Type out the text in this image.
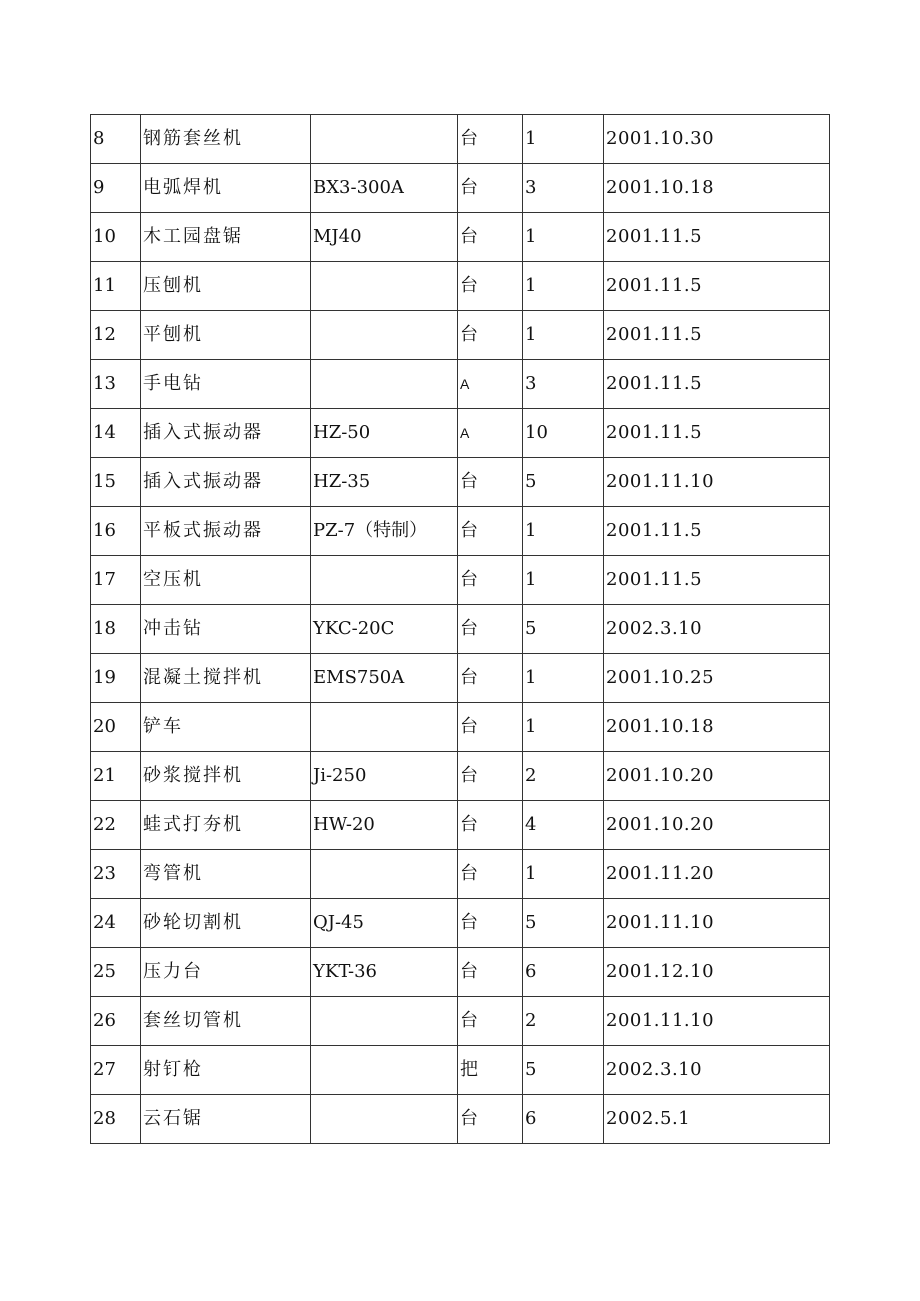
8	钢筋套丝机		台	1	2001.10.30
9	电弧焊机	BX3-300A	台	3	2001.10.18
10	木工园盘锯	MJ40	台	1	2001.11.5
11	压刨机		台	1	2001.11.5
12	平刨机		台	1	2001.11.5
13	手电钻		A	3	2001.11.5
14	插入式振动器	HZ-50	A	10	2001.11.5
15	插入式振动器	HZ-35	台	5	2001.11.10
16	平板式振动器	PZ-7（特制）	台	1	2001.11.5
17	空压机		台	1	2001.11.5
18	冲击钻	YKC-20C	台	5	2002.3.10
19	混凝土搅拌机	EMS750A	台	1	2001.10.25
20	铲车		台	1	2001.10.18
21	砂浆搅拌机	Ji-250	台	2	2001.10.20
22	蛙式打夯机	HW-20	台	4	2001.10.20
23	弯管机		台	1	2001.11.20
24	砂轮切割机	QJ-45	台	5	2001.11.10
25	压力台	YKT-36	台	6	2001.12.10
26	套丝切管机		台	2	2001.11.10
27	射钉枪		把	5	2002.3.10
28	云石锯		台	6	2002.5.1
